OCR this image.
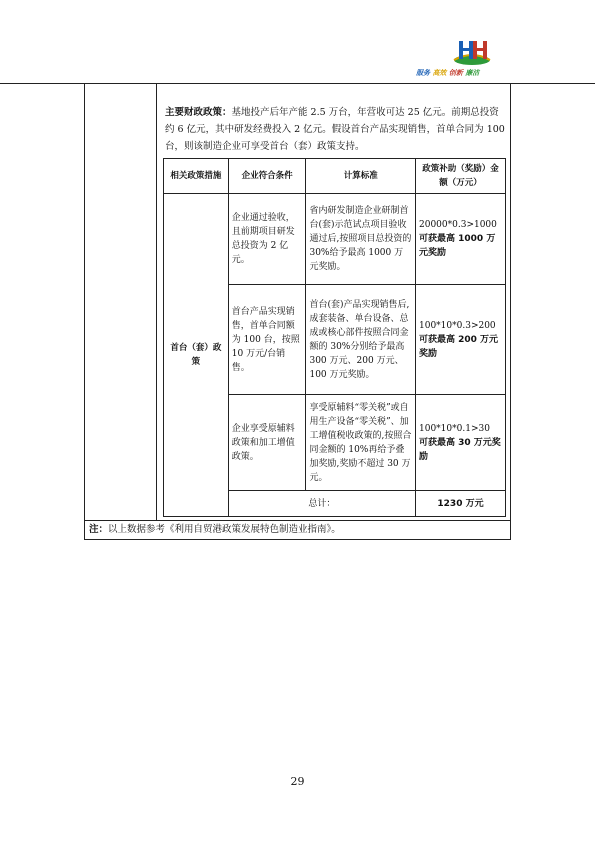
服务 高效 创新 廉洁
主要财政政策：基地投产后年产能 2.5 万台，年营收可达 25 亿元。前期总投资约 6 亿元，其中研发经费投入 2 亿元。假设首台产品实现销售，首单合同为 100 台，则该制造企业可享受首台（套）政策支持。
相关政策措施	企业符合条件	计算标准	政策补助（奖励）金额（万元）
首台（套）政策	企业通过验收，且前期项目研发总投资为 2 亿元。	省内研发制造企业研制首台(套)示范试点项目验收通过后,按照项目总投资的 30%给予最高 1000 万元奖励。	20000*0.3>1000
可获最高 1000 万元奖励
	首台产品实现销售，首单合同额为 100 台，按照 10 万元/台销售。	首台(套)产品实现销售后,成套装备、单台设备、总成或核心部件按照合同金额的 30%分别给予最高 300 万元、200 万元、100 万元奖励。	100*10*0.3>200
可获最高 200 万元奖励
	企业享受原辅料政策和加工增值政策。	享受原辅料“零关税”或自用生产设备“零关税”、加工增值税收政策的,按照合同金额的 10%再给予叠加奖励,奖励不超过 30 万元。	100*10*0.1>30
可获最高 30 万元奖励
	总计：		1230 万元
注：以上数据参考《利用自贸港政策发展特色制造业指南》。
29
